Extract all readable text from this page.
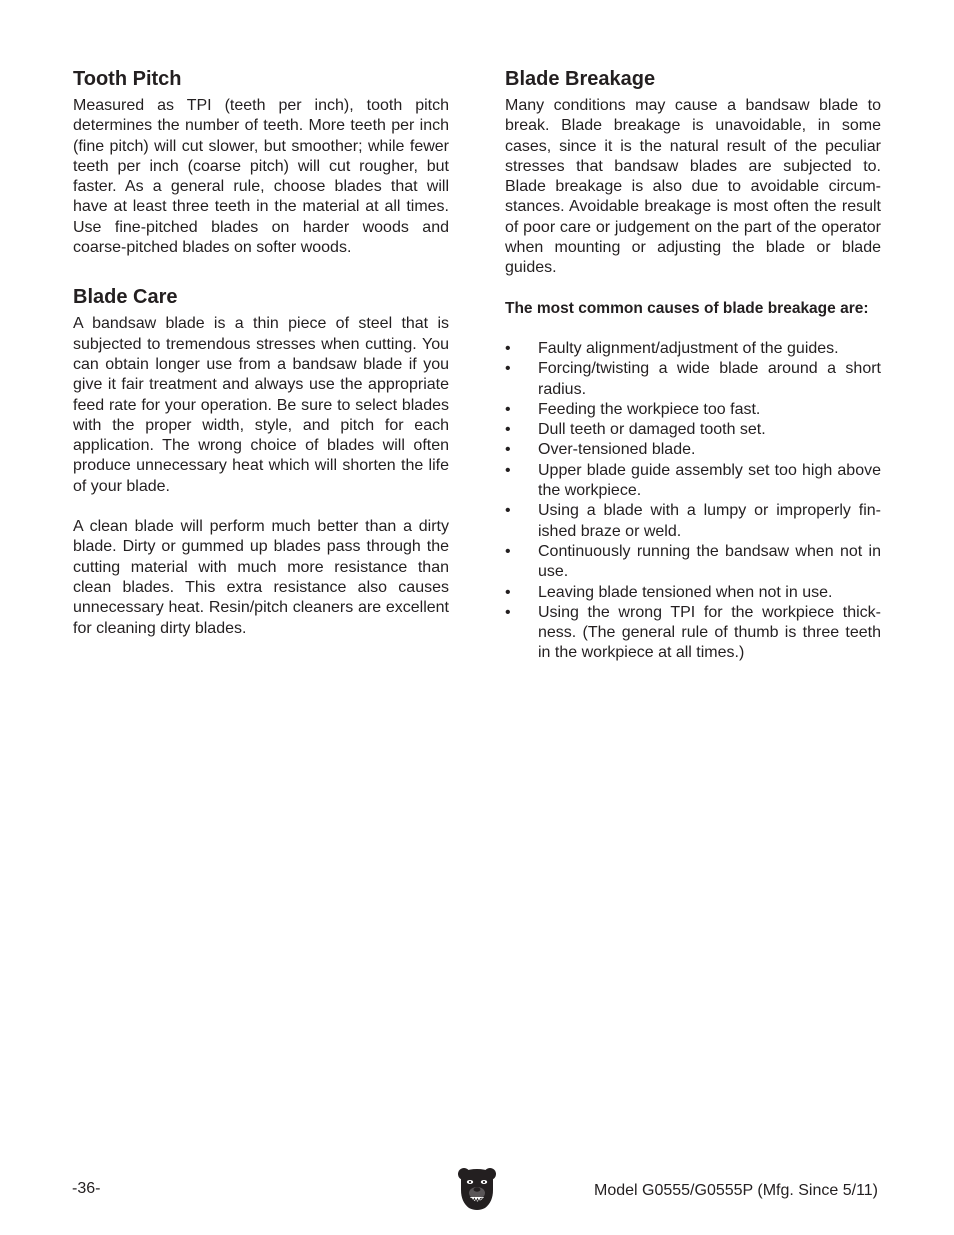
Tooth Pitch

Measured as TPI (teeth per inch), tooth pitch determines the number of teeth. More teeth per inch (fine pitch) will cut slower, but smoother; while fewer teeth per inch (coarse pitch) will cut rougher, but faster. As a general rule, choose blades that will have at least three teeth in the material at all times. Use fine-pitched blades on harder woods and coarse-pitched blades on softer woods.

Blade Care

A bandsaw blade is a thin piece of steel that is subjected to tremendous stresses when cutting. You can obtain longer use from a bandsaw blade if you give it fair treatment and always use the appropriate feed rate for your operation. Be sure to select blades with the proper width, style, and pitch for each application. The wrong choice of blades will often produce unnecessary heat which will shorten the life of your blade.

A clean blade will perform much better than a dirty blade. Dirty or gummed up blades pass through the cutting material with much more resistance than clean blades. This extra resistance also causes unnecessary heat. Resin/pitch cleaners are excellent for cleaning dirty blades.

Blade Breakage

Many conditions may cause a bandsaw blade to break. Blade breakage is unavoidable, in some cases, since it is the natural result of the peculiar stresses that bandsaw blades are subjected to. Blade breakage is also due to avoidable circum-stances. Avoidable breakage is most often the result of poor care or judgement on the part of the operator when mounting or adjusting the blade or blade guides.

The most common causes of blade breakage are:

•	Faulty alignment/adjustment of the guides.
•	Forcing/twisting a wide blade around a short radius.
•	Feeding the workpiece too fast.
•	Dull teeth or damaged tooth set.
•	Over-tensioned blade.
•	Upper blade guide assembly set too high above the workpiece.
•	Using a blade with a lumpy or improperly fin-ished braze or weld.
•	Continuously running the bandsaw when not in use.
•	Leaving blade tensioned when not in use.
•	Using the wrong TPI for the workpiece thick-ness. (The general rule of thumb is three teeth in the workpiece at all times.)
-36-	Model G0555/G0555P (Mfg. Since 5/11)
